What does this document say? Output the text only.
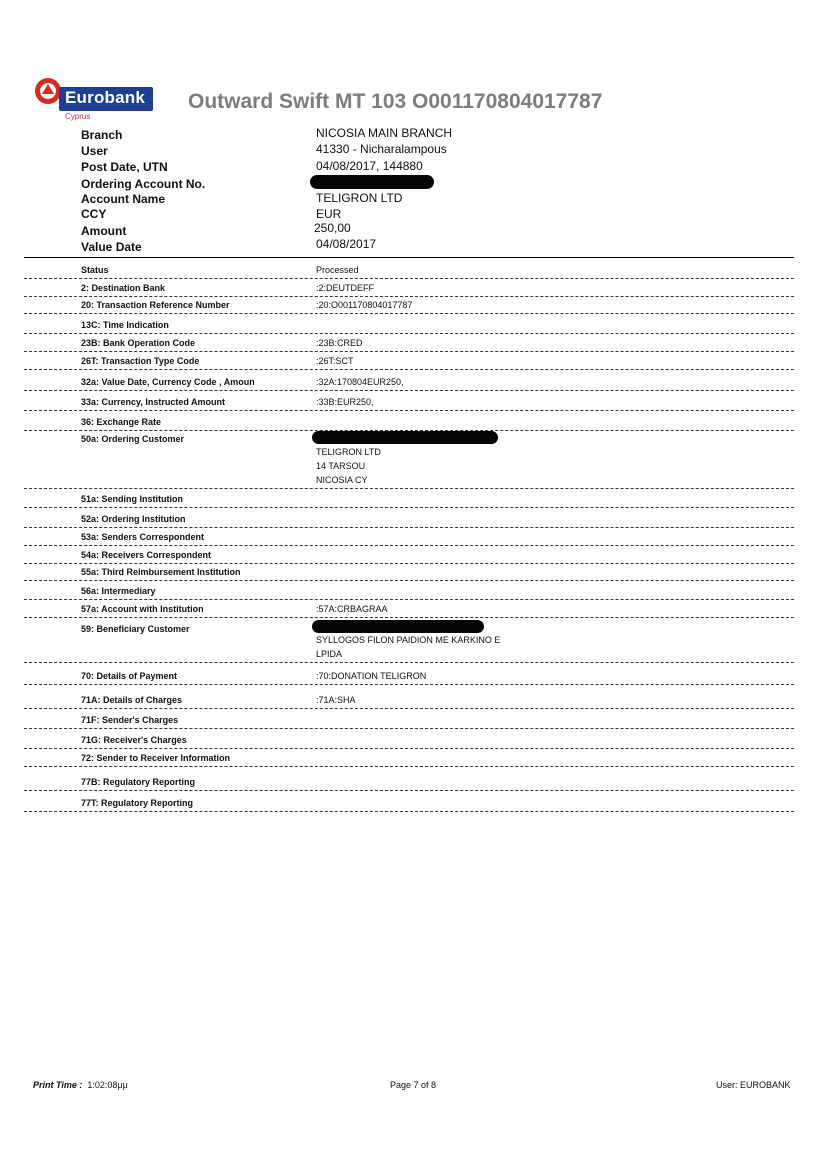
Eurobank
Cyprus
Outward Swift MT 103 O001170804017787
Branch	NICOSIA MAIN BRANCH
User	41330 - Nicharalampous
Post Date, UTN	04/08/2017, 144880
Ordering Account No.
Account Name	TELIGRON LTD
CCY	EUR
Amount	250,00
Value Date	04/08/2017
Status	Processed
2: Destination Bank	:2:DEUTDEFF
20: Transaction Reference Number	:20:O001170804017787
13C: Time Indication
23B: Bank Operation Code	:23B:CRED
26T: Transaction Type Code	:26T:SCT
32a: Value Date, Currency Code , Amoun	:32A:170804EUR250,
33a: Currency, Instructed Amount	:33B:EUR250,
36: Exchange Rate
50a: Ordering Customer
TELIGRON LTD
14 TARSOU
NICOSIA CY
51a: Sending Institution
52a: Ordering Institution
53a: Senders Correspondent
54a: Receivers Correspondent
55a: Third Reimbursement Institution
56a: Intermediary
57a: Account with Institution	:57A:CRBAGRAA
59: Beneficiary Customer
SYLLOGOS FILON PAIDION ME KARKINO E
LPIDA
70: Details of Payment	:70:DONATION TELIGRON
71A: Details of Charges	:71A:SHA
71F: Sender's Charges
71G: Receiver's Charges
72: Sender to Receiver Information
77B: Regulatory Reporting
77T: Regulatory Reporting
Print Time : 1:02:08μμ	Page 7 of 8	User: EUROBANK
